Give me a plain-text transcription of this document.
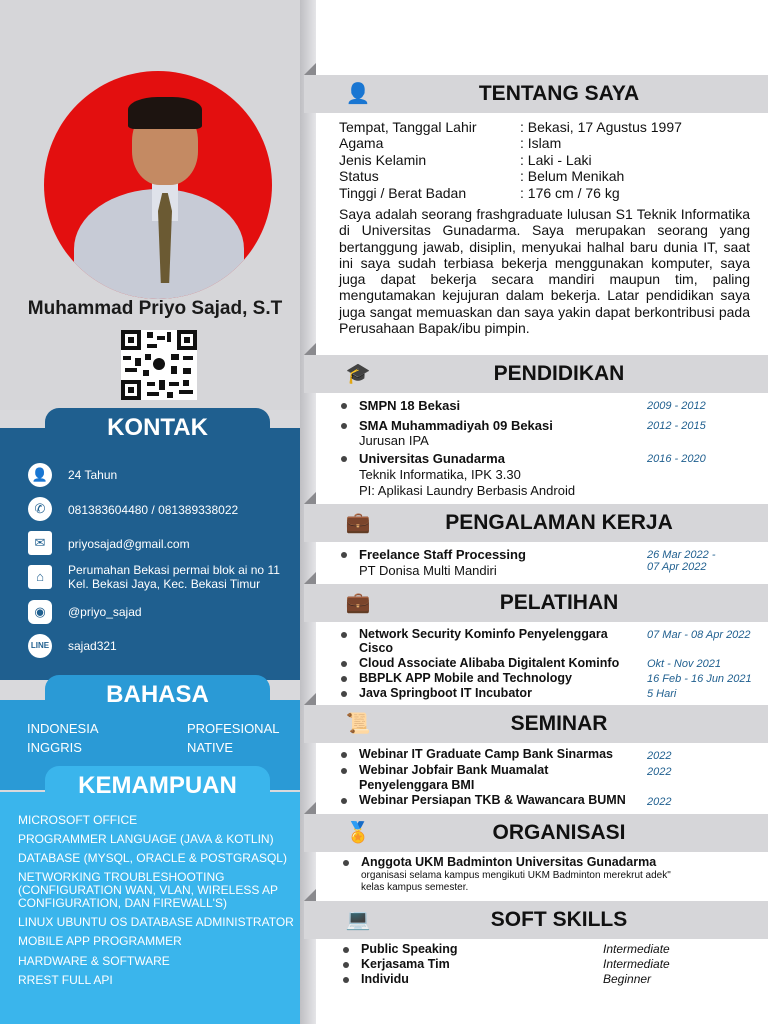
Muhammad Priyo Sajad, S.T
KONTAK
👤	24 Tahun
✆	081383604480 / 081389338022
✉	priyosajad@gmail.com
⌂	Perumahan Bekasi permai blok ai no 11
Kel. Bekasi Jaya, Kec. Bekasi Timur
◉	@priyo_sajad
LINE sajad321
BAHASA
INDONESIA	PROFESIONAL
INGGRIS	NATIVE
KEMAMPUAN
MICROSOFT OFFICE
PROGRAMMER LANGUAGE (JAVA & KOTLIN)
DATABASE (MYSQL, ORACLE & POSTGRASQL)
NETWORKING TROUBLESHOOTING
(CONFIGURATION WAN, VLAN, WIRELESS AP
CONFIGURATION, DAN FIREWALL'S)
LINUX UBUNTU OS DATABASE ADMINISTRATOR
MOBILE APP PROGRAMMER
HARDWARE & SOFTWARE
RREST FULL API
👤	TENTANG SAYA
Tempat, Tanggal Lahir	: Bekasi, 17 Agustus 1997
Agama	: Islam
Jenis Kelamin	: Laki - Laki
Status	: Belum Menikah
Tinggi / Berat Badan	: 176 cm / 76 kg
Saya adalah seorang frashgraduate lulusan S1 Teknik Informatika di Universitas Gunadarma. Saya merupakan seorang yang bertanggung jawab, disiplin, menyukai halhal baru dunia IT, saat ini saya sudah terbiasa bekerja menggunakan komputer, saya juga dapat bekerja secara mandiri maupun tim, paling mengutamakan kejujuran dalam bekerja. Latar pendidikan saya juga sangat memuaskan dan saya yakin dapat berkontribusi pada Perusahaan Bapak/ibu pimpin.
🎓	PENDIDIKAN
SMPN 18 Bekasi	2009 - 2012
SMA Muhammadiyah 09 Bekasi
Jurusan IPA
2012 - 2015
Universitas Gunadarma
Teknik Informatika, IPK 3.30
PI: Aplikasi Laundry Berbasis Android
2016 - 2020
💼	PENGALAMAN KERJA
Freelance Staff Processing
PT Donisa Multi Mandiri
26 Mar 2022 -
07 Apr 2022
💼	PELATIHAN
Network Security Kominfo Penyelenggara
Cisco
07 Mar - 08 Apr 2022
Cloud Associate Alibaba Digitalent Kominfo	Okt - Nov 2021
BBPLK APP Mobile and Technology	16 Feb - 16 Jun 2021
Java Springboot IT Incubator	5 Hari
📜	SEMINAR
Webinar IT Graduate Camp Bank Sinarmas	2022
Webinar Jobfair Bank Muamalat
Penyelenggara BMI
2022
Webinar Persiapan TKB & Wawancara BUMN 2022
🏅	ORGANISASI
Anggota UKM Badminton Universitas Gunadarma
organisasi selama kampus mengikuti UKM Badminton merekrut adek"
kelas kampus semester.
💻	SOFT SKILLS
Public Speaking	Intermediate
Kerjasama Tim	Intermediate
Individu	Beginner
